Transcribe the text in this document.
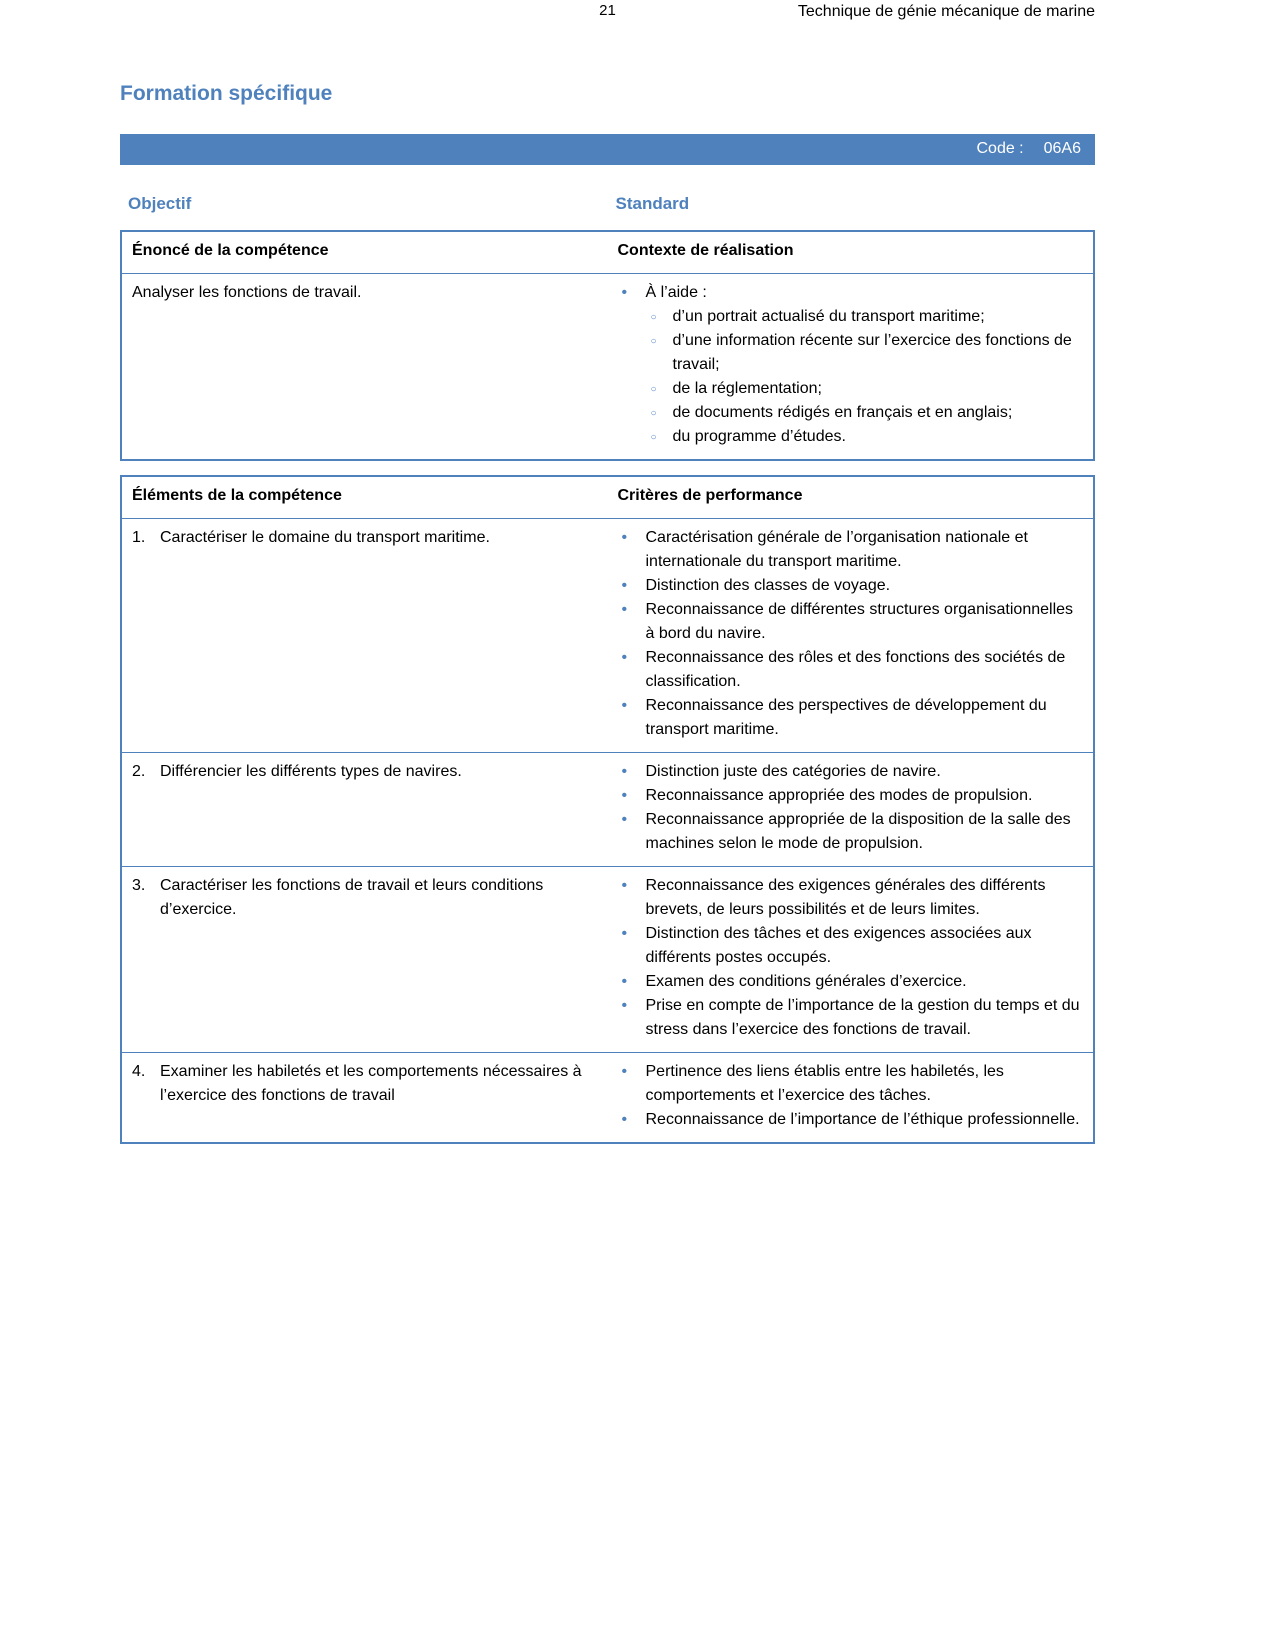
Formation spécifique
Code : 06A6
Objectif	Standard
Énoncé de la compétence	Contexte de réalisation
Analyser les fonctions de travail.	
•À l’aide :
○ d’un portrait actualisé du transport maritime;
○ d’une information récente sur l’exercice des fonctions de travail;
○ de la réglementation;
○ de documents rédigés en français et en anglais;
○ du programme d’études.
Éléments de la compétence	Critères de performance

1. Caractériser le domaine du transport maritime.

•Caractérisation générale de l’organisation nationale et internationale du transport maritime.
• Distinction des classes de voyage.
• Reconnaissance de différentes structures organisationnelles à bord du navire.
• Reconnaissance des rôles et des fonctions des sociétés de classification.
• Reconnaissance des perspectives de développement du transport maritime.

2. Différencier les différents types de navires.

•Distinction juste des catégories de navire.
• Reconnaissance appropriée des modes de propulsion.
• Reconnaissance appropriée de la disposition de la salle des machines selon le mode de propulsion.

3. Caractériser les fonctions de travail et leurs conditions d’exercice.

• Reconnaissance des exigences générales des différents brevets, de leurs possibilités et de leurs limites.
• Distinction des tâches et des exigences associées aux différents postes occupés.
• Examen des conditions générales d’exercice.
• Prise en compte de l’importance de la gestion du temps et du stress dans l’exercice des fonctions de travail.

4. Examiner les habiletés et les comportements nécessaires à l’exercice des fonctions de travail

• Pertinence des liens établis entre les habiletés, les comportements et l’exercice des tâches.
• Reconnaissance de l’importance de l’éthique professionnelle.
Technique de génie mécanique de marine
21
